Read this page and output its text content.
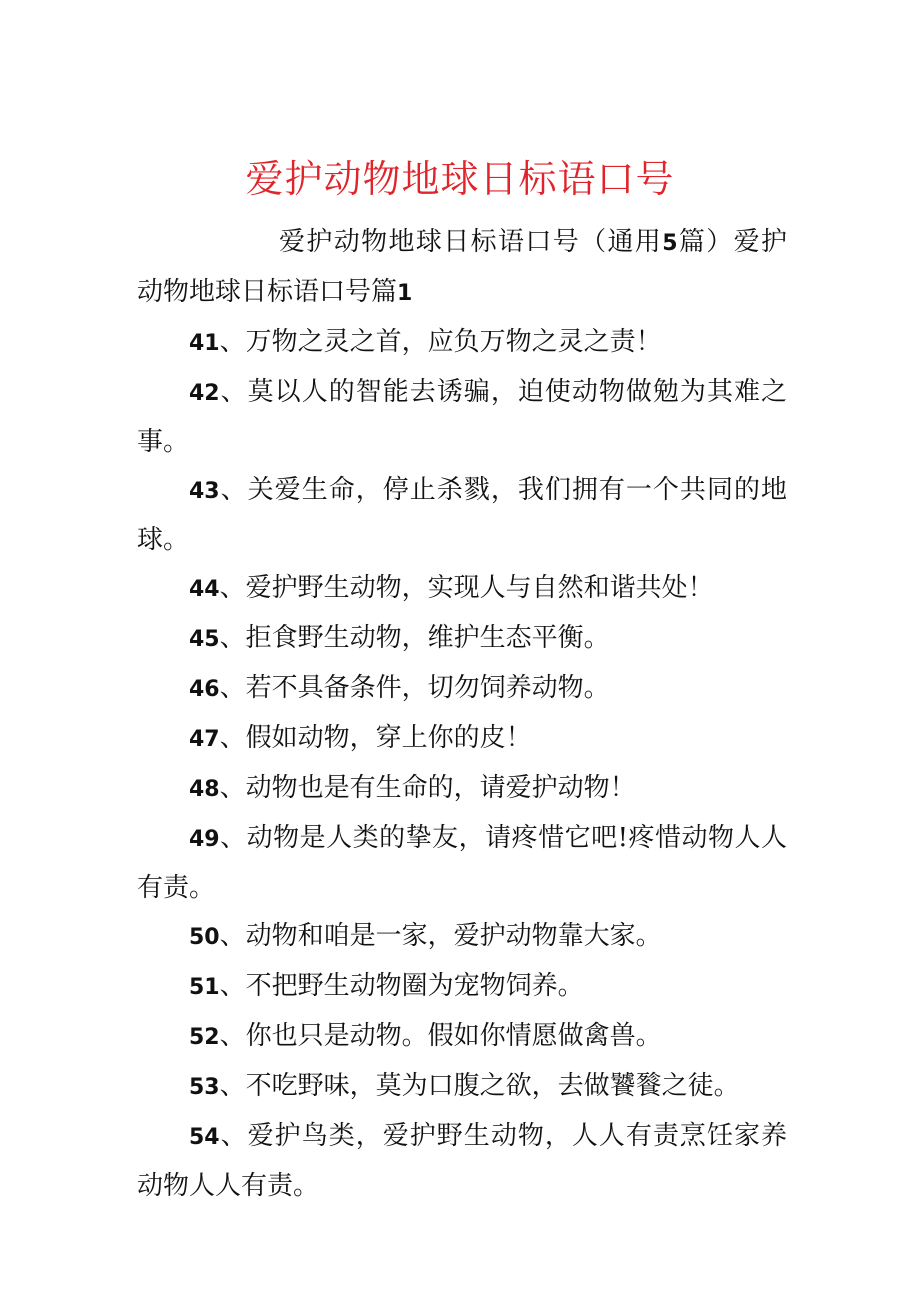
爱护动物地球日标语口号

爱护动物地球日标语口号（通用5篇）爱护动物地球日标语口号篇1

41、万物之灵之首，应负万物之灵之责！

42、莫以人的智能去诱骗，迫使动物做勉为其难之事。

43、关爱生命，停止杀戮，我们拥有一个共同的地球。

44、爱护野生动物，实现人与自然和谐共处！

45、拒食野生动物，维护生态平衡。

46、若不具备条件，切勿饲养动物。

47、假如动物，穿上你的皮！

48、动物也是有生命的，请爱护动物！

49、动物是人类的挚友，请疼惜它吧!疼惜动物人人有责。

50、动物和咱是一家，爱护动物靠大家。

51、不把野生动物圈为宠物饲养。

52、你也只是动物。假如你情愿做禽兽。

53、不吃野味，莫为口腹之欲，去做饕餮之徒。

54、爱护鸟类，爱护野生动物，人人有责烹饪家养动物人人有责。
